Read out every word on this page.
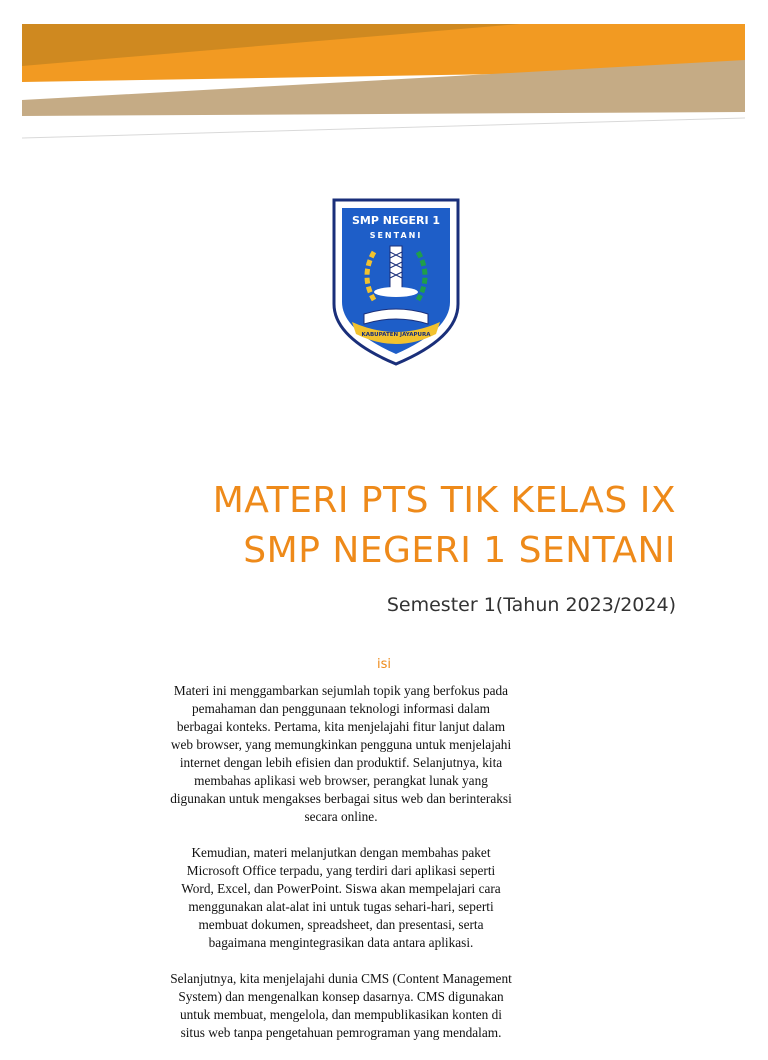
SMP NEGERI 1
SENTANI
KABUPATEN JAYAPURA
MATERI PTS TIK KELAS IX
SMP NEGERI 1 SENTANI
Semester 1(Tahun 2023/2024)
isi

Materi ini menggambarkan sejumlah topik yang berfokus pada pemahaman dan penggunaan teknologi informasi dalam berbagai konteks. Pertama, kita menjelajahi fitur lanjut dalam web browser, yang memungkinkan pengguna untuk menjelajahi internet dengan lebih efisien dan produktif. Selanjutnya, kita membahas aplikasi web browser, perangkat lunak yang digunakan untuk mengakses berbagai situs web dan berinteraksi secara online.

Kemudian, materi melanjutkan dengan membahas paket Microsoft Office terpadu, yang terdiri dari aplikasi seperti Word, Excel, dan PowerPoint. Siswa akan mempelajari cara menggunakan alat-alat ini untuk tugas sehari-hari, seperti membuat dokumen, spreadsheet, dan presentasi, serta bagaimana mengintegrasikan data antara aplikasi.

Selanjutnya, kita menjelajahi dunia CMS (Content Management System) dan mengenalkan konsep dasarnya. CMS digunakan untuk membuat, mengelola, dan mempublikasikan konten di situs web tanpa pengetahuan pemrograman yang mendalam.
